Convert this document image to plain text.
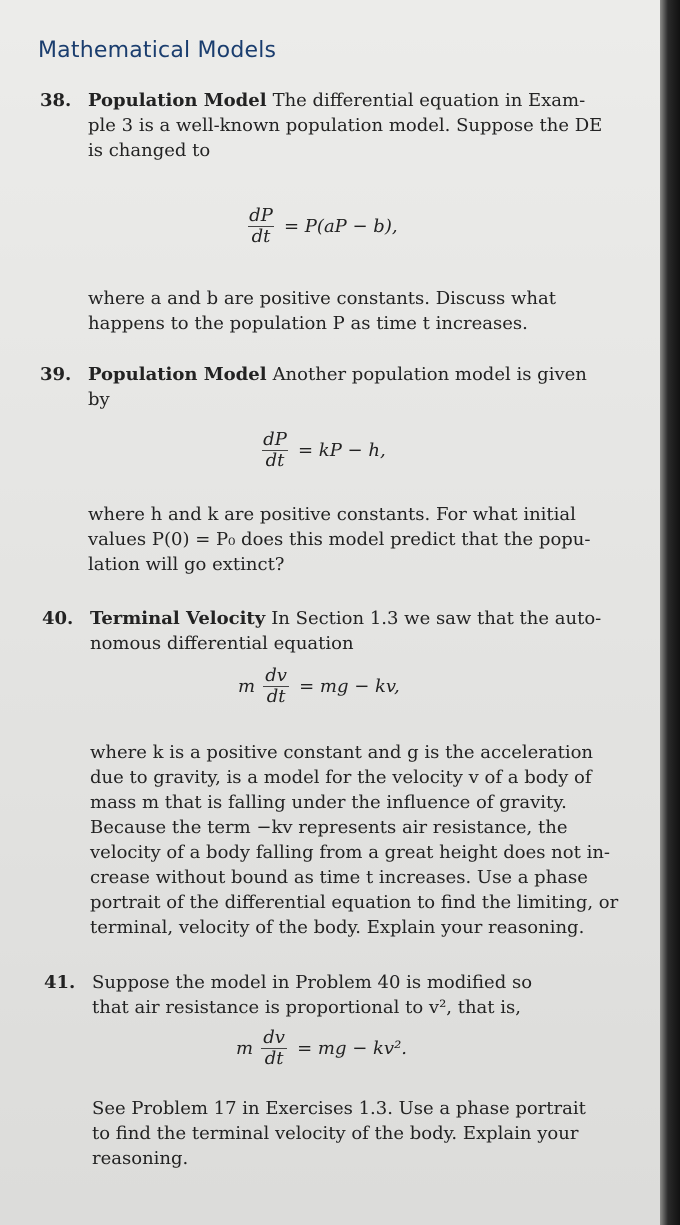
Mathematical Models
38. Population Model The differential equation in Exam-
ple 3 is a well-known population model. Suppose the DE
is changed to
$\frac{dP}{dt} = P(aP - b)$,
where a and b are positive constants. Discuss what
happens to the population P as time t increases.
39. Population Model Another population model is given
by
$\frac{dP}{dt}$ = kP − h,
where h and k are positive constants. For what initial
values P(0) = P₀ does this model predict that the popu-
lation will go extinct?
40. Terminal Velocity In Section 1.3 we saw that the auto-
nomous differential equation
m $\frac{dv}{dt}$ = mg − kv,
where k is a positive constant and g is the acceleration
due to gravity, is a model for the velocity v of a body of
mass m that is falling under the influence of gravity.
Because the term −kv represents air resistance, the
velocity of a body falling from a great height does not in-
crease without bound as time t increases. Use a phase
portrait of the differential equation to find the limiting, or
terminal, velocity of the body. Explain your reasoning.
41. Suppose the model in Problem 40 is modified so
that air resistance is proportional to v², that is,
m $\frac{dv}{dt}$ = mg − kv².
See Problem 17 in Exercises 1.3. Use a phase portrait
to find the terminal velocity of the body. Explain your
reasoning.
